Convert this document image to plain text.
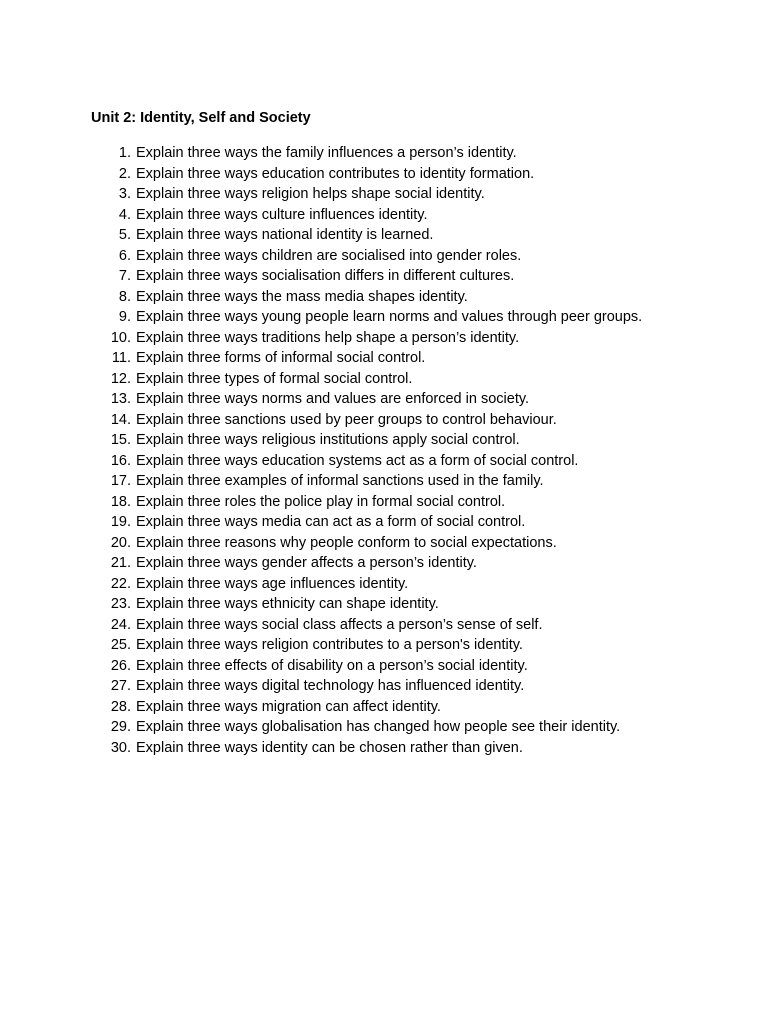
Unit 2: Identity, Self and Society
1. Explain three ways the family influences a person’s identity.
2. Explain three ways education contributes to identity formation.
3. Explain three ways religion helps shape social identity.
4. Explain three ways culture influences identity.
5. Explain three ways national identity is learned.
6. Explain three ways children are socialised into gender roles.
7. Explain three ways socialisation differs in different cultures.
8. Explain three ways the mass media shapes identity.
9. Explain three ways young people learn norms and values through peer groups.
10. Explain three ways traditions help shape a person’s identity.
11. Explain three forms of informal social control.
12. Explain three types of formal social control.
13. Explain three ways norms and values are enforced in society.
14. Explain three sanctions used by peer groups to control behaviour.
15. Explain three ways religious institutions apply social control.
16. Explain three ways education systems act as a form of social control.
17. Explain three examples of informal sanctions used in the family.
18. Explain three roles the police play in formal social control.
19. Explain three ways media can act as a form of social control.
20. Explain three reasons why people conform to social expectations.
21. Explain three ways gender affects a person’s identity.
22. Explain three ways age influences identity.
23. Explain three ways ethnicity can shape identity.
24. Explain three ways social class affects a person’s sense of self.
25. Explain three ways religion contributes to a person's identity.
26. Explain three effects of disability on a person’s social identity.
27. Explain three ways digital technology has influenced identity.
28. Explain three ways migration can affect identity.
29. Explain three ways globalisation has changed how people see their identity.
30. Explain three ways identity can be chosen rather than given.
